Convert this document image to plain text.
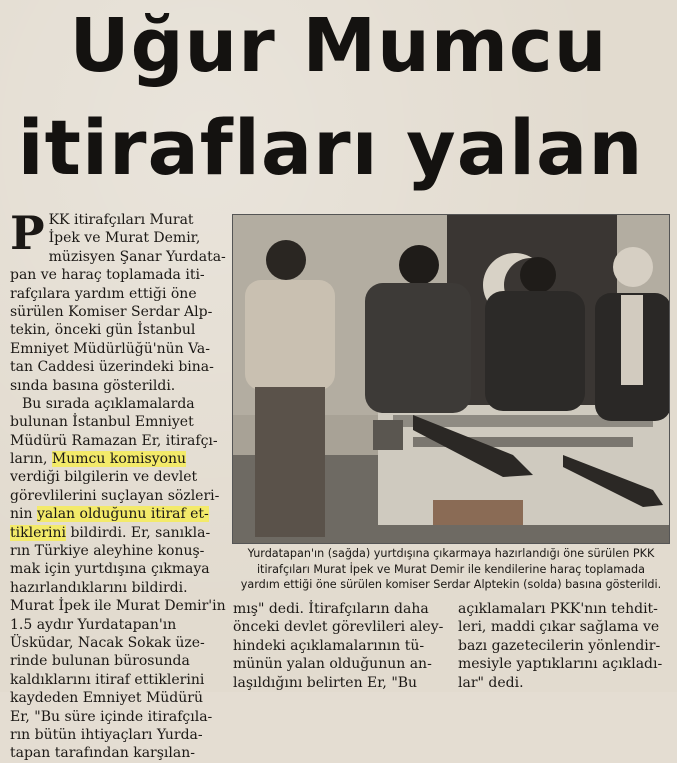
Uğur Mumcu
itirafları yalan
P KK itirafçıları Murat
İpek ve Murat Demir,
müzisyen Şanar Yurdata-
pan ve haraç toplamada iti-
rafçılara yardım ettiği öne
sürülen Komiser Serdar Alp-
tekin, önceki gün İstanbul
Emniyet Müdürlüğü'nün Va-
tan Caddesi üzerindeki bina-
sında basına gösterildi.
Bu sırada açıklamalarda
bulunan İstanbul Emniyet
Müdürü Ramazan Er, itirafçı-
ların, Mumcu komisyonu
verdiği bilgilerin ve devlet
görevlilerini suçlayan sözleri-
nin yalan olduğunu itiraf et-
tiklerini bildirdi. Er, sanıkla-
rın Türkiye aleyhine konuş-
mak için yurtdışına çıkmaya
hazırlandıklarını bildirdi.
Murat İpek ile Murat Demir'in
1.5 aydır Yurdatapan'ın
Üsküdar, Nacak Sokak üze-
rinde bulunan bürosunda
kaldıklarını itiraf ettiklerini
kaydeden Emniyet Müdürü
Er, "Bu süre içinde itirafçıla-
rın bütün ihtiyaçları Yurda-
tapan tarafından karşılan-
Yurdatapan'ın (sağda) yurtdışına çıkarmaya hazırlandığı öne sürülen PKK itirafçıları Murat İpek ve Murat Demir ile kendilerine haraç toplamada yardım ettiği öne sürülen komiser Serdar Alptekin (solda) basına gösterildi.
mış" dedi. İtirafçıların daha
önceki devlet görevlileri aley-
hindeki açıklamalarının tü-
münün yalan olduğunun an-
laşıldığını belirten Er, "Bu
açıklamaları PKK'nın tehdit-
leri, maddi çıkar sağlama ve
bazı gazetecilerin yönlendir-
mesiyle yaptıklarını açıkladı-
lar" dedi.
